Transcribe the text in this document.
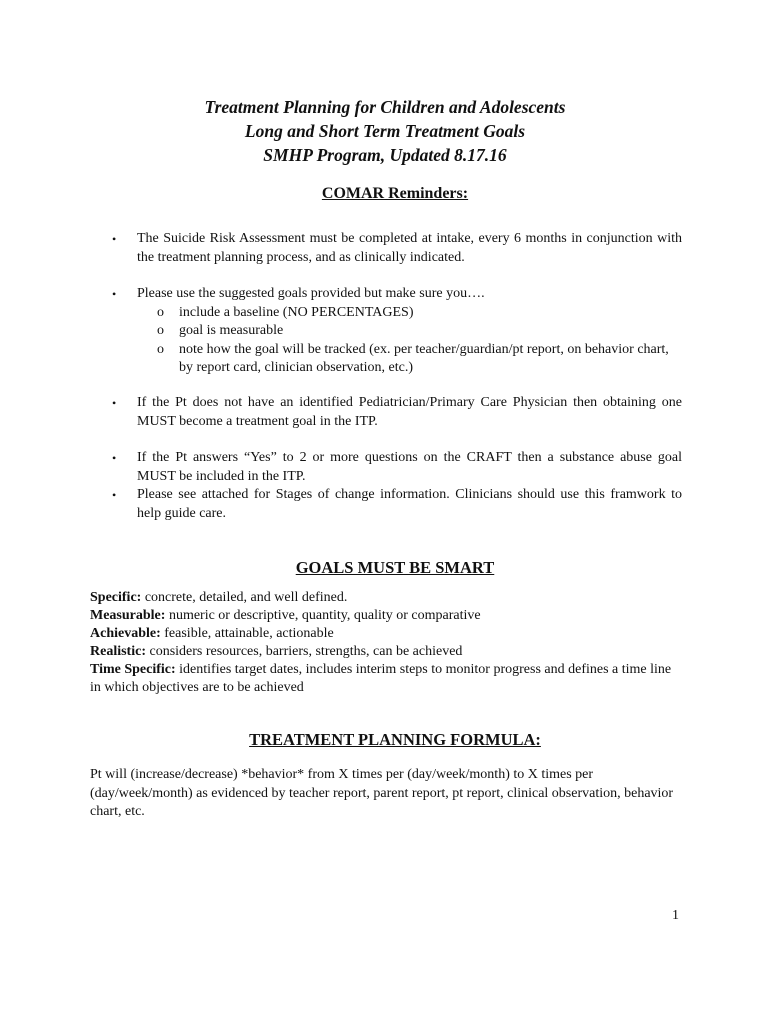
Treatment Planning for Children and Adolescents
Long and Short Term Treatment Goals
SMHP Program, Updated 8.17.16
COMAR Reminders:
• The Suicide Risk Assessment must be completed at intake, every 6 months in conjunction with the treatment planning process, and as clinically indicated.
• Please use the suggested goals provided but make sure you….
o include a baseline (NO PERCENTAGES)
o goal is measurable
o note how the goal will be tracked (ex. per teacher/guardian/pt report, on behavior chart, by report card, clinician observation, etc.)
• If the Pt does not have an identified Pediatrician/Primary Care Physician then obtaining one MUST become a treatment goal in the ITP.
• If the Pt answers “Yes” to 2 or more questions on the CRAFT then a substance abuse goal MUST be included in the ITP.
• Please see attached for Stages of change information. Clinicians should use this framwork to help guide care.
GOALS MUST BE SMART
Specific: concrete, detailed, and well defined.
Measurable: numeric or descriptive, quantity, quality or comparative
Achievable: feasible, attainable, actionable
Realistic: considers resources, barriers, strengths, can be achieved
Time Specific: identifies target dates, includes interim steps to monitor progress and defines a time line in which objectives are to be achieved
TREATMENT PLANNING FORMULA:
Pt will (increase/decrease) *behavior* from X times per (day/week/month) to X times per (day/week/month) as evidenced by teacher report, parent report, pt report, clinical observation, behavior chart, etc.
1
